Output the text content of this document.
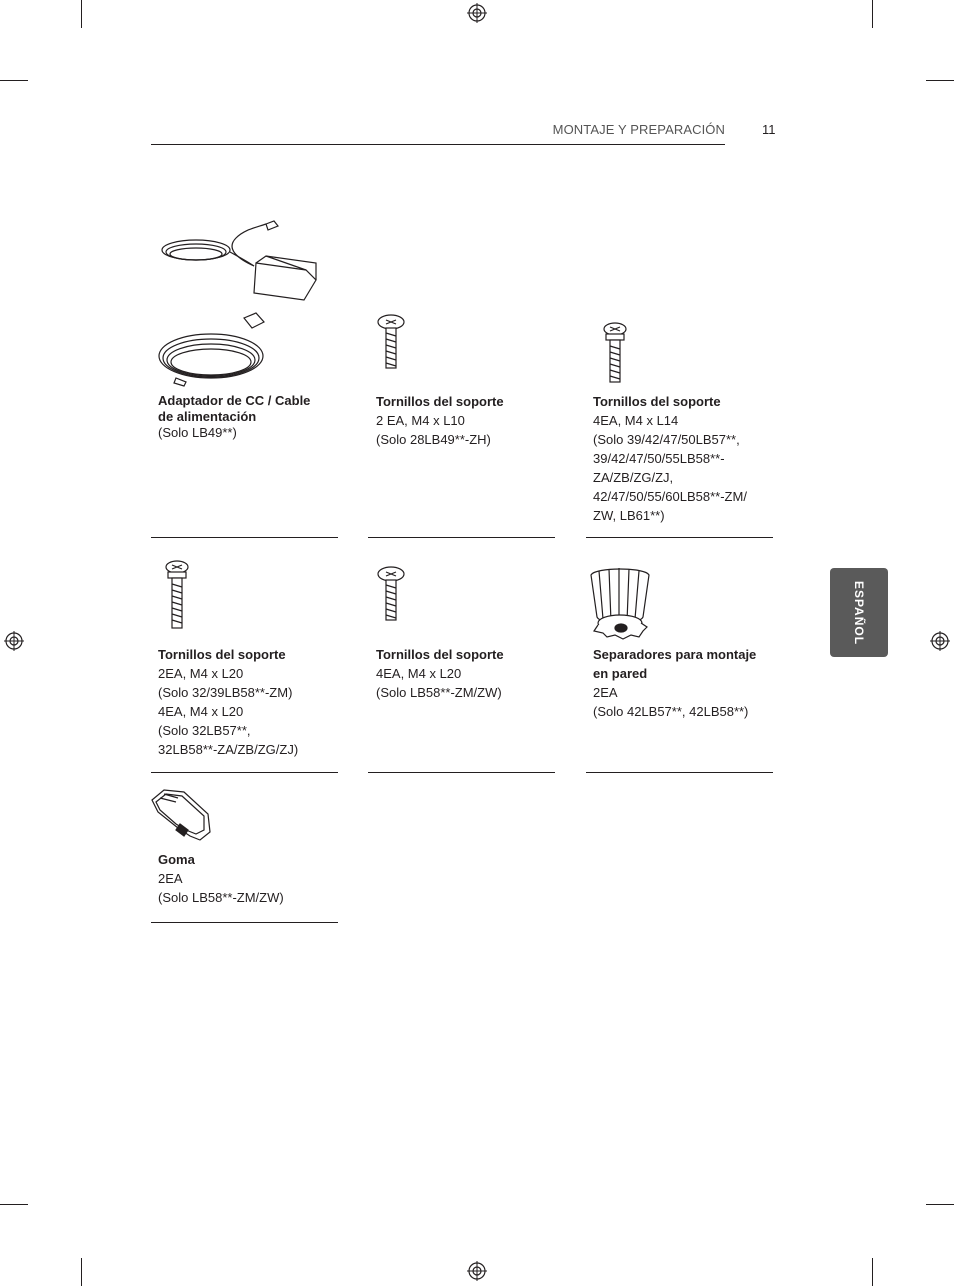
MONTAJE Y PREPARACIÓN	11
ESPAÑOL
Adaptador de CC / Cable de alimentación
(Solo LB49**)
Tornillos del soporte
2 EA, M4 x L10
(Solo 28LB49**-ZH)
Tornillos del soporte
4EA, M4 x L14
(Solo 39/42/47/50LB57**,
39/42/47/50/55LB58**-
ZA/ZB/ZG/ZJ,
42/47/50/55/60LB58**-ZM/
ZW, LB61**)
Tornillos del soporte
2EA, M4 x L20
(Solo 32/39LB58**-ZM)
4EA, M4 x L20
(Solo 32LB57**,
32LB58**-ZA/ZB/ZG/ZJ)
Tornillos del soporte
4EA, M4 x L20
(Solo LB58**-ZM/ZW)
Separadores para montaje en pared
2EA
(Solo 42LB57**, 42LB58**)
Goma
2EA
(Solo LB58**-ZM/ZW)
